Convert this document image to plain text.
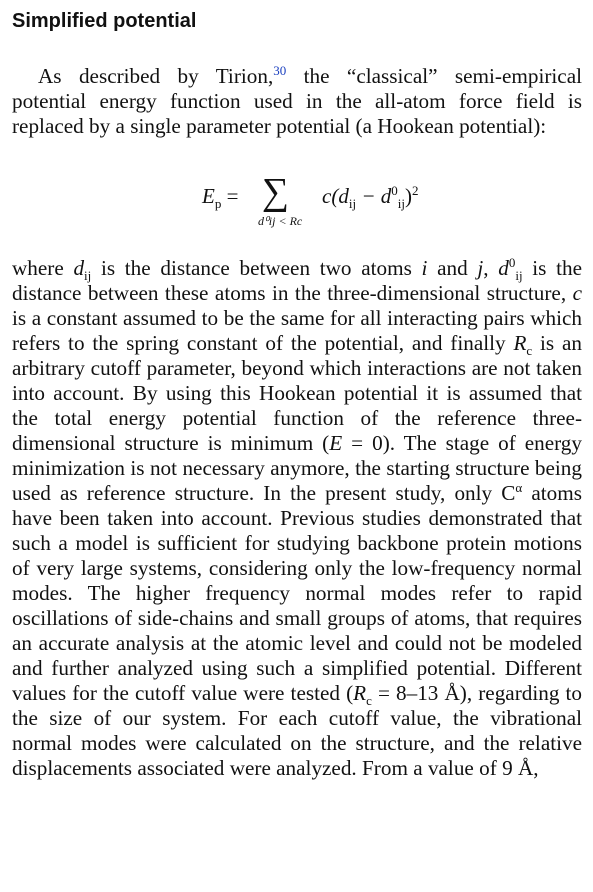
Simplified potential
As described by Tirion,$^{30}$ the “classical” semi-empirical potential energy function used in the all-atom force field is replaced by a single parameter potential (a Hookean potential):
$E_p$ = ∑
d⁰ij < Rc
$c(d_{ij} - d^0_{ij})^2$
where $d_{ij}$ is the distance between two atoms i and j, $d^0_{ij}$ is the distance between these atoms in the three-dimensional structure, c is a constant assumed to be the same for all interacting pairs which refers to the spring constant of the potential, and finally $R_c$ is an arbitrary cutoff parameter, beyond which interactions are not taken into account. By using this Hookean potential it is assumed that the total energy potential function of the reference three-dimensional structure is minimum (E = 0). The stage of energy minimization is not necessary anymore, the starting structure being used as reference structure. In the present study, only $C^\alpha$ atoms have been taken into account. Previous studies demonstrated that such a model is sufficient for studying backbone protein motions of very large systems, considering only the low-frequency normal modes. The higher frequency normal modes refer to rapid oscillations of side-chains and small groups of atoms, that requires an accurate analysis at the atomic level and could not be modeled and further analyzed using such a simplified potential. Different values for the cutoff value were tested ($R_c = 8-13$ Å), regarding to the size of our system. For each cutoff value, the vibrational normal modes were calculated on the structure, and the relative displacements associated were analyzed. From a value of 9 Å,
